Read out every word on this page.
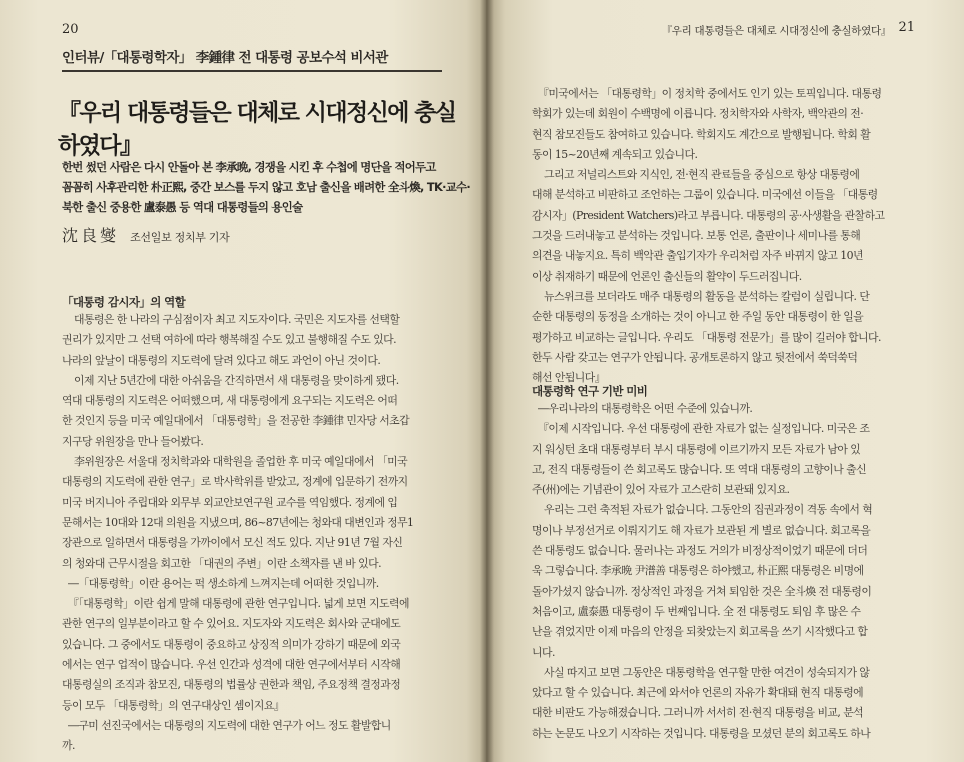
20
인터뷰/「대통령학자」 李鍾律 전 대통령 공보수석 비서관
『우리 대통령들은 대체로 시대정신에 충실하였다』
한번 썼던 사람은 다시 안돌아 본 李承晩, 경쟁을 시킨 후 수첩에 명단을 적어두고
꼼꼼히 사후관리한 朴正熙, 중간 보스를 두지 않고 호남 출신을 배려한 全斗煥, TK·교수·
북한 출신 중용한 盧泰愚 등 역대 대통령들의 용인술
沈良燮 조선일보 정치부 기자
「대통령 감시자」의 역할
대통령은 한 나라의 구심점이자 최고 지도자이다. 국민은 지도자를 선택할
권리가 있지만 그 선택 여하에 따라 행복해질 수도 있고 불행해질 수도 있다.
나라의 앞날이 대통령의 지도력에 달려 있다고 해도 과언이 아닌 것이다.
이제 지난 5년간에 대한 아쉬움을 간직하면서 새 대통령을 맞이하게 됐다.
역대 대통령의 지도력은 어떠했으며, 새 대통령에게 요구되는 지도력은 어떠
한 것인지 등을 미국 예일대에서 「대통령학」을 전공한 李鍾律 민자당 서초갑
지구당 위원장을 만나 들어봤다.
李위원장은 서울대 정치학과와 대학원을 졸업한 후 미국 예일대에서 「미국
대통령의 지도력에 관한 연구」로 박사학위를 받았고, 정계에 입문하기 전까지
미국 버지니아 주립대와 외무부 외교안보연구원 교수를 역임했다. 정계에 입
문해서는 10대와 12대 의원을 지냈으며, 86~87년에는 청와대 대변인과 정무1
장관으로 일하면서 대통령을 가까이에서 모신 적도 있다. 지난 91년 7월 자신
의 청와대 근무시절을 회고한 「대권의 주변」이란 소책자를 낸 바 있다.
―「대통령학」이란 용어는 퍽 생소하게 느껴지는데 어떠한 것입니까.
『「대통령학」이란 쉽게 말해 대통령에 관한 연구입니다. 넓게 보면 지도력에
관한 연구의 일부분이라고 할 수 있어요. 지도자와 지도력은 회사와 군대에도
있습니다. 그 중에서도 대통령이 중요하고 상징적 의미가 강하기 때문에 외국
에서는 연구 업적이 많습니다. 우선 인간과 성격에 대한 연구에서부터 시작해
대통령실의 조직과 참모진, 대통령의 법률상 권한과 책임, 주요정책 결정과정
등이 모두 「대통령학」의 연구대상인 셈이지요』
―구미 선진국에서는 대통령의 지도력에 대한 연구가 어느 정도 활발합니
까.
『우리 대통령들은 대체로 시대정신에 충실하였다』 21
『미국에서는 「대통령학」이 정치학 중에서도 인기 있는 토픽입니다. 대통령
학회가 있는데 회원이 수백명에 이릅니다. 정치학자와 사학자, 백악관의 전·
현직 참모진들도 참여하고 있습니다. 학회지도 계간으로 발행됩니다. 학회 활
동이 15~20년째 계속되고 있습니다.
그리고 저널리스트와 지식인, 전·현직 관료들을 중심으로 항상 대통령에
대해 분석하고 비판하고 조언하는 그룹이 있습니다. 미국에선 이들을 「대통령
감시자」(President Watchers)라고 부릅니다. 대통령의 공·사생활을 관찰하고
그것을 드러내놓고 분석하는 것입니다. 보통 언론, 출판이나 세미나를 통해
의견을 내놓지요. 특히 백악관 출입기자가 우리처럼 자주 바뀌지 않고 10년
이상 취재하기 때문에 언론인 출신들의 활약이 두드러집니다.
뉴스위크를 보더라도 매주 대통령의 활동을 분석하는 칼럼이 실립니다. 단
순한 대통령의 동정을 소개하는 것이 아니고 한 주일 동안 대통령이 한 일을
평가하고 비교하는 글입니다. 우리도 「대통령 전문가」를 많이 길러야 합니다.
한두 사람 갖고는 연구가 안됩니다. 공개토론하지 않고 뒷전에서 쑥덕쑥덕
해선 안됩니다』
대통령학 연구 기반 미비
―우리나라의 대통령학은 어떤 수준에 있습니까.
『이제 시작입니다. 우선 대통령에 관한 자료가 없는 실정입니다. 미국은 조
지 워싱턴 초대 대통령부터 부시 대통령에 이르기까지 모든 자료가 남아 있
고, 전직 대통령들이 쓴 회고록도 많습니다. 또 역대 대통령의 고향이나 출신
주(州)에는 기념관이 있어 자료가 고스란히 보관돼 있지요.
우리는 그런 축적된 자료가 없습니다. 그동안의 집권과정이 격동 속에서 혁
명이나 부정선거로 이뤄지기도 해 자료가 보관된 게 별로 없습니다. 회고록을
쓴 대통령도 없습니다. 물러나는 과정도 거의가 비정상적이었기 때문에 더더
욱 그렇습니다. 李承晩 尹潽善 대통령은 하야했고, 朴正熙 대통령은 비명에
돌아가셨지 않습니까. 정상적인 과정을 거쳐 퇴임한 것은 全斗煥 전 대통령이
처음이고, 盧泰愚 대통령이 두 번째입니다. 全 전 대통령도 퇴임 후 많은 수
난을 겪었지만 이제 마음의 안정을 되찾았는지 회고록을 쓰기 시작했다고 합
니다.
사실 따지고 보면 그동안은 대통령학을 연구할 만한 여건이 성숙되지가 않
았다고 할 수 있습니다. 최근에 와서야 언론의 자유가 확대돼 현직 대통령에
대한 비판도 가능해졌습니다. 그러니까 서서히 전·현직 대통령을 비교, 분석
하는 논문도 나오기 시작하는 것입니다. 대통령을 모셨던 분의 회고록도 하나
